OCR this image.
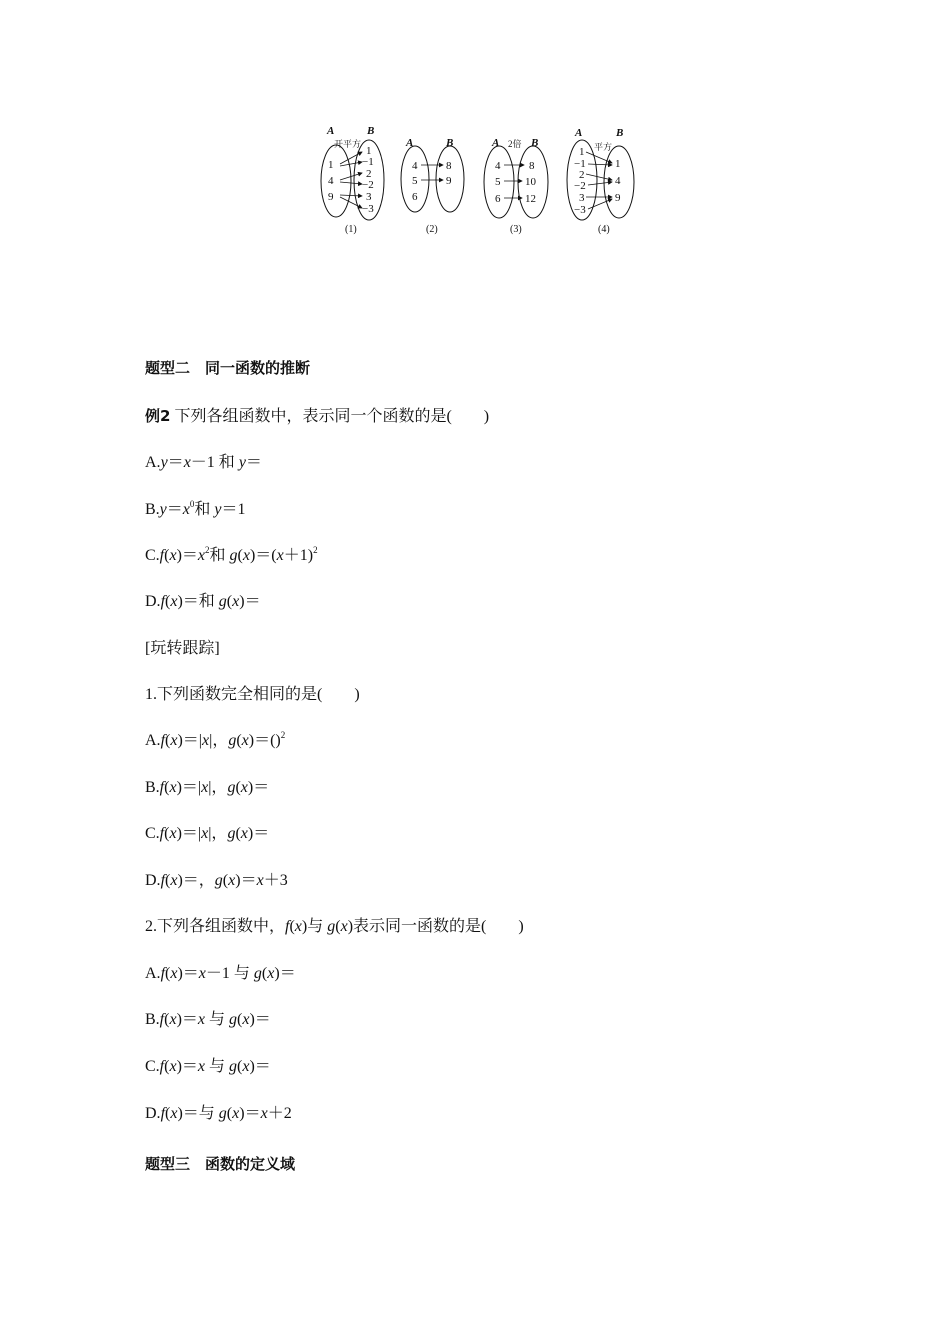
A	B
开平方
1
4
9
1
−1
2
−2
3
−3
(1)
A	B
4
5
6
8
9
(2)
A 2倍 B
4
5
6
8
10
12
(3)
A
平方
B
1
−1
2
−2
3
−3
1
4
9
(4)
题型二　同一函数的推断
例2 下列各组函数中，表示同一个函数的是(　　)
A.y＝x－1 和 y＝
$B.y=x^0$和 y＝1
$C.f(x)=x^2$和 $g(x)=(x+1)^2$
D.f(x)＝和 g(x)＝
[玩转跟踪]
1.下列函数完全相同的是(　　)
A.f(x)＝|x|，g(x)＝()$^2$
B.f(x)＝|x|，g(x)＝
C.f(x)＝|x|，g(x)＝
D.f(x)＝，g(x)＝x＋3
2.下列各组函数中，f(x)与 g(x)表示同一函数的是(　　)
A.f(x)＝x－1 与 g(x)＝
B.f(x)＝x 与 g(x)＝
C.f(x)＝x 与 g(x)＝
D.f(x)＝与 g(x)＝x＋2
题型三　函数的定义域
